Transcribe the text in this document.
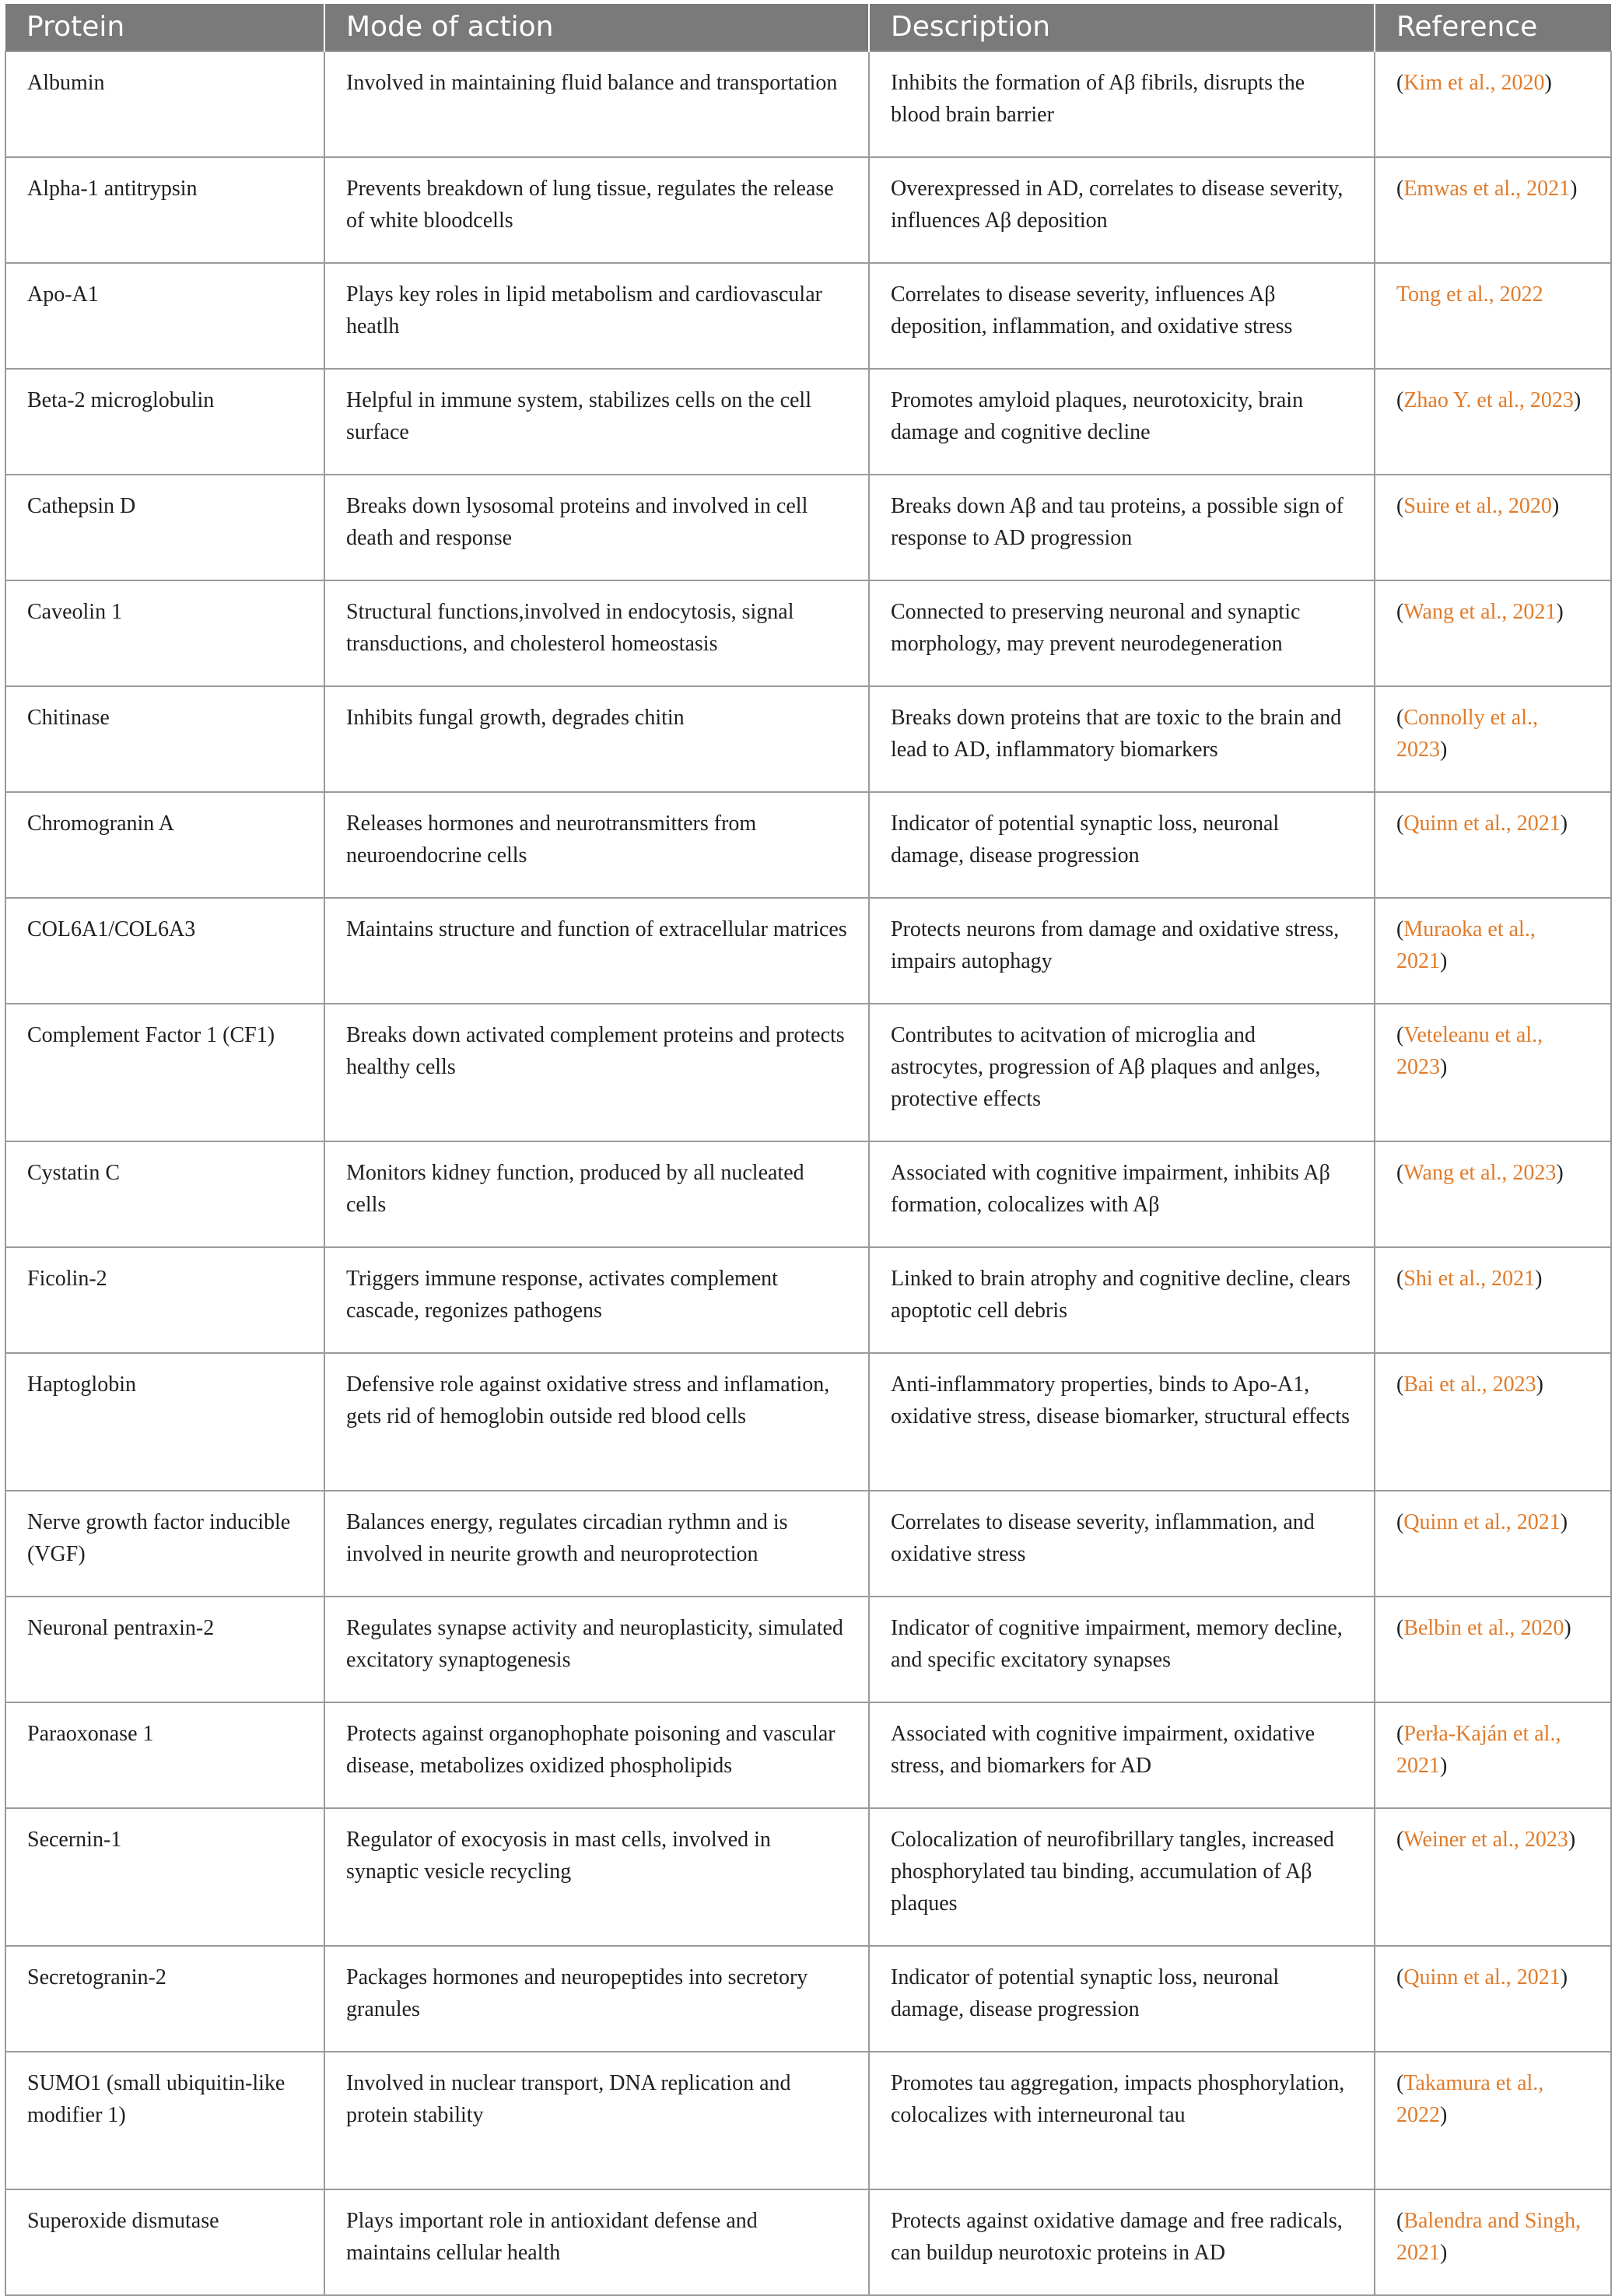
Protein	Mode of action	Description	Reference
Albumin	Involved in maintaining fluid balance and transportation	Inhibits the formation of Aβ fibrils, disrupts the blood brain barrier	(Kim et al., 2020)
Alpha-1 antitrypsin	Prevents breakdown of lung tissue, regulates the release of white bloodcells	Overexpressed in AD, correlates to disease severity, influences Aβ deposition	(Emwas et al., 2021)
Apo-A1	Plays key roles in lipid metabolism and cardiovascular heatlh	Correlates to disease severity, influences Aβ deposition, inflammation, and oxidative stress	Tong et al., 2022
Beta-2 microglobulin	Helpful in immune system, stabilizes cells on the cell surface	Promotes amyloid plaques, neurotoxicity, brain damage and cognitive decline	(Zhao Y. et al., 2023)
Cathepsin D	Breaks down lysosomal proteins and involved in cell death and response	Breaks down Aβ and tau proteins, a possible sign of response to AD progression	(Suire et al., 2020)
Caveolin 1	Structural functions,involved in endocytosis, signal transductions, and cholesterol homeostasis	Connected to preserving neuronal and synaptic morphology, may prevent neurodegeneration	(Wang et al., 2021)
Chitinase	Inhibits fungal growth, degrades chitin	Breaks down proteins that are toxic to the brain and lead to AD, inflammatory biomarkers	(Connolly et al., 2023)
Chromogranin A	Releases hormones and neurotransmitters from neuroendocrine cells	Indicator of potential synaptic loss, neuronal damage, disease progression	(Quinn et al., 2021)
COL6A1/COL6A3	Maintains structure and function of extracellular matrices	Protects neurons from damage and oxidative stress, impairs autophagy	(Muraoka et al., 2021)
Complement Factor 1 (CF1)	Breaks down activated complement proteins and protects healthy cells	Contributes to acitvation of microglia and astrocytes, progression of Aβ plaques and anlges, protective effects	(Veteleanu et al., 2023)
Cystatin C	Monitors kidney function, produced by all nucleated cells	Associated with cognitive impairment, inhibits Aβ formation, colocalizes with Aβ	(Wang et al., 2023)
Ficolin-2	Triggers immune response, activates complement cascade, regonizes pathogens	Linked to brain atrophy and cognitive decline, clears apoptotic cell debris	(Shi et al., 2021)
Haptoglobin	Defensive role against oxidative stress and inflamation, gets rid of hemoglobin outside red blood cells	Anti-inflammatory properties, binds to Apo-A1, oxidative stress, disease biomarker, structural effects	(Bai et al., 2023)
Nerve growth factor inducible (VGF)	Balances energy, regulates circadian rythmn and is involved in neurite growth and neuroprotection	Correlates to disease severity, inflammation, and oxidative stress	(Quinn et al., 2021)
Neuronal pentraxin-2	Regulates synapse activity and neuroplasticity, simulated excitatory synaptogenesis	Indicator of cognitive impairment, memory decline, and specific excitatory synapses	(Belbin et al., 2020)
Paraoxonase 1	Protects against organophophate poisoning and vascular disease, metabolizes oxidized phospholipids	Associated with cognitive impairment, oxidative stress, and biomarkers for AD	(Perła-Kaján et al., 2021)
Secernin-1	Regulator of exocyosis in mast cells, involved in synaptic vesicle recycling	Colocalization of neurofibrillary tangles, increased phosphorylated tau binding, accumulation of Aβ plaques	(Weiner et al., 2023)
Secretogranin-2	Packages hormones and neuropeptides into secretory granules	Indicator of potential synaptic loss, neuronal damage, disease progression	(Quinn et al., 2021)
SUMO1 (small ubiquitin-like modifier 1)	Involved in nuclear transport, DNA replication and protein stability	Promotes tau aggregation, impacts phosphorylation, colocalizes with interneuronal tau	(Takamura et al., 2022)
Superoxide dismutase	Plays important role in antioxidant defense and maintains cellular health	Protects against oxidative damage and free radicals, can buildup neurotoxic proteins in AD	(Balendra and Singh, 2021)
